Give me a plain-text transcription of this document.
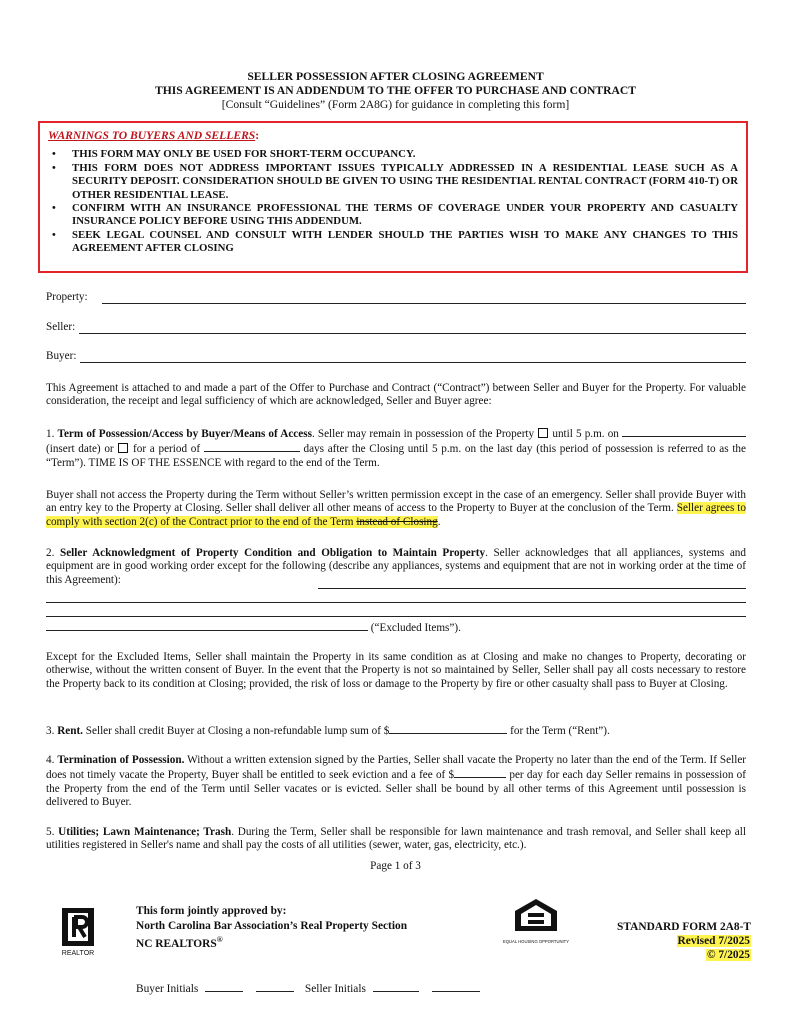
SELLER POSSESSION AFTER CLOSING AGREEMENT
THIS AGREEMENT IS AN ADDENDUM TO THE OFFER TO PURCHASE AND CONTRACT
[Consult “Guidelines” (Form 2A8G) for guidance in completing this form]
WARNINGS TO BUYERS AND SELLERS:
• THIS FORM MAY ONLY BE USED FOR SHORT-TERM OCCUPANCY.
• THIS FORM DOES NOT ADDRESS IMPORTANT ISSUES TYPICALLY ADDRESSED IN A RESIDENTIAL LEASE SUCH AS A SECURITY DEPOSIT. CONSIDERATION SHOULD BE GIVEN TO USING THE RESIDENTIAL RENTAL CONTRACT (FORM 410-T) OR OTHER RESIDENTIAL LEASE.
• CONFIRM WITH AN INSURANCE PROFESSIONAL THE TERMS OF COVERAGE UNDER YOUR PROPERTY AND CASUALTY INSURANCE POLICY BEFORE USING THIS ADDENDUM.
• SEEK LEGAL COUNSEL AND CONSULT WITH LENDER SHOULD THE PARTIES WISH TO MAKE ANY CHANGES TO THIS AGREEMENT AFTER CLOSING
Property:
Seller:
Buyer:
This Agreement is attached to and made a part of the Offer to Purchase and Contract (“Contract”) between Seller and Buyer for the Property. For valuable consideration, the receipt and legal sufficiency of which are acknowledged, Seller and Buyer agree:
1. Term of Possession/Access by Buyer/Means of Access. Seller may remain in possession of the Property  until 5 p.m. on  (insert date) or  for a period of	days after the Closing until 5 p.m. on the last day (this period of possession is referred to as the “Term”). TIME IS OF THE ESSENCE with regard to the end of the Term.
Buyer shall not access the Property during the Term without Seller’s written permission except in the case of an emergency. Seller shall provide Buyer with an entry key to the Property at Closing. Seller shall deliver all other means of access to the Property to Buyer at the conclusion of the Term. Seller agrees to comply with section 2(c) of the Contract prior to the end of the Term instead of Closing.
2. Seller Acknowledgment of Property Condition and Obligation to Maintain Property. Seller acknowledges that all appliances, systems and equipment are in good working order except for the following (describe any appliances, systems and equipment that are not in working order at the time of this Agreement):
(“Excluded Items”).
Except for the Excluded Items, Seller shall maintain the Property in its same condition as at Closing and make no changes to Property, decorating or otherwise, without the written consent of Buyer. In the event that the Property is not so maintained by Seller, Seller shall pay all costs necessary to restore the Property back to its condition at Closing; provided, the risk of loss or damage to the Property by fire or other casualty shall pass to Buyer at Closing.
3. Rent. Seller shall credit Buyer at Closing a non-refundable lump sum of $	for the Term (“Rent”).
4. Termination of Possession. Without a written extension signed by the Parties, Seller shall vacate the Property no later than the end of the Term. If Seller does not timely vacate the Property, Buyer shall be entitled to seek eviction and a fee of $	per day for each day Seller remains in possession of the Property from the end of the Term until Seller vacates or is evicted. Seller shall be bound by all other terms of this Agreement until possession is delivered to Buyer.
5. Utilities; Lawn Maintenance; Trash. During the Term, Seller shall be responsible for lawn maintenance and trash removal, and Seller shall keep all utilities registered in Seller's name and shall pay the costs of all utilities (sewer, water, gas, electricity, etc.).
Page 1 of 3
REALTOR
This form jointly approved by:
North Carolina Bar Association’s Real Property Section
NC REALTORS®	EQUAL HOUSING OPPORTUNITY
STANDARD FORM 2A8-T
Revised 7/2025
© 7/2025
Buyer Initials	Seller Initials
